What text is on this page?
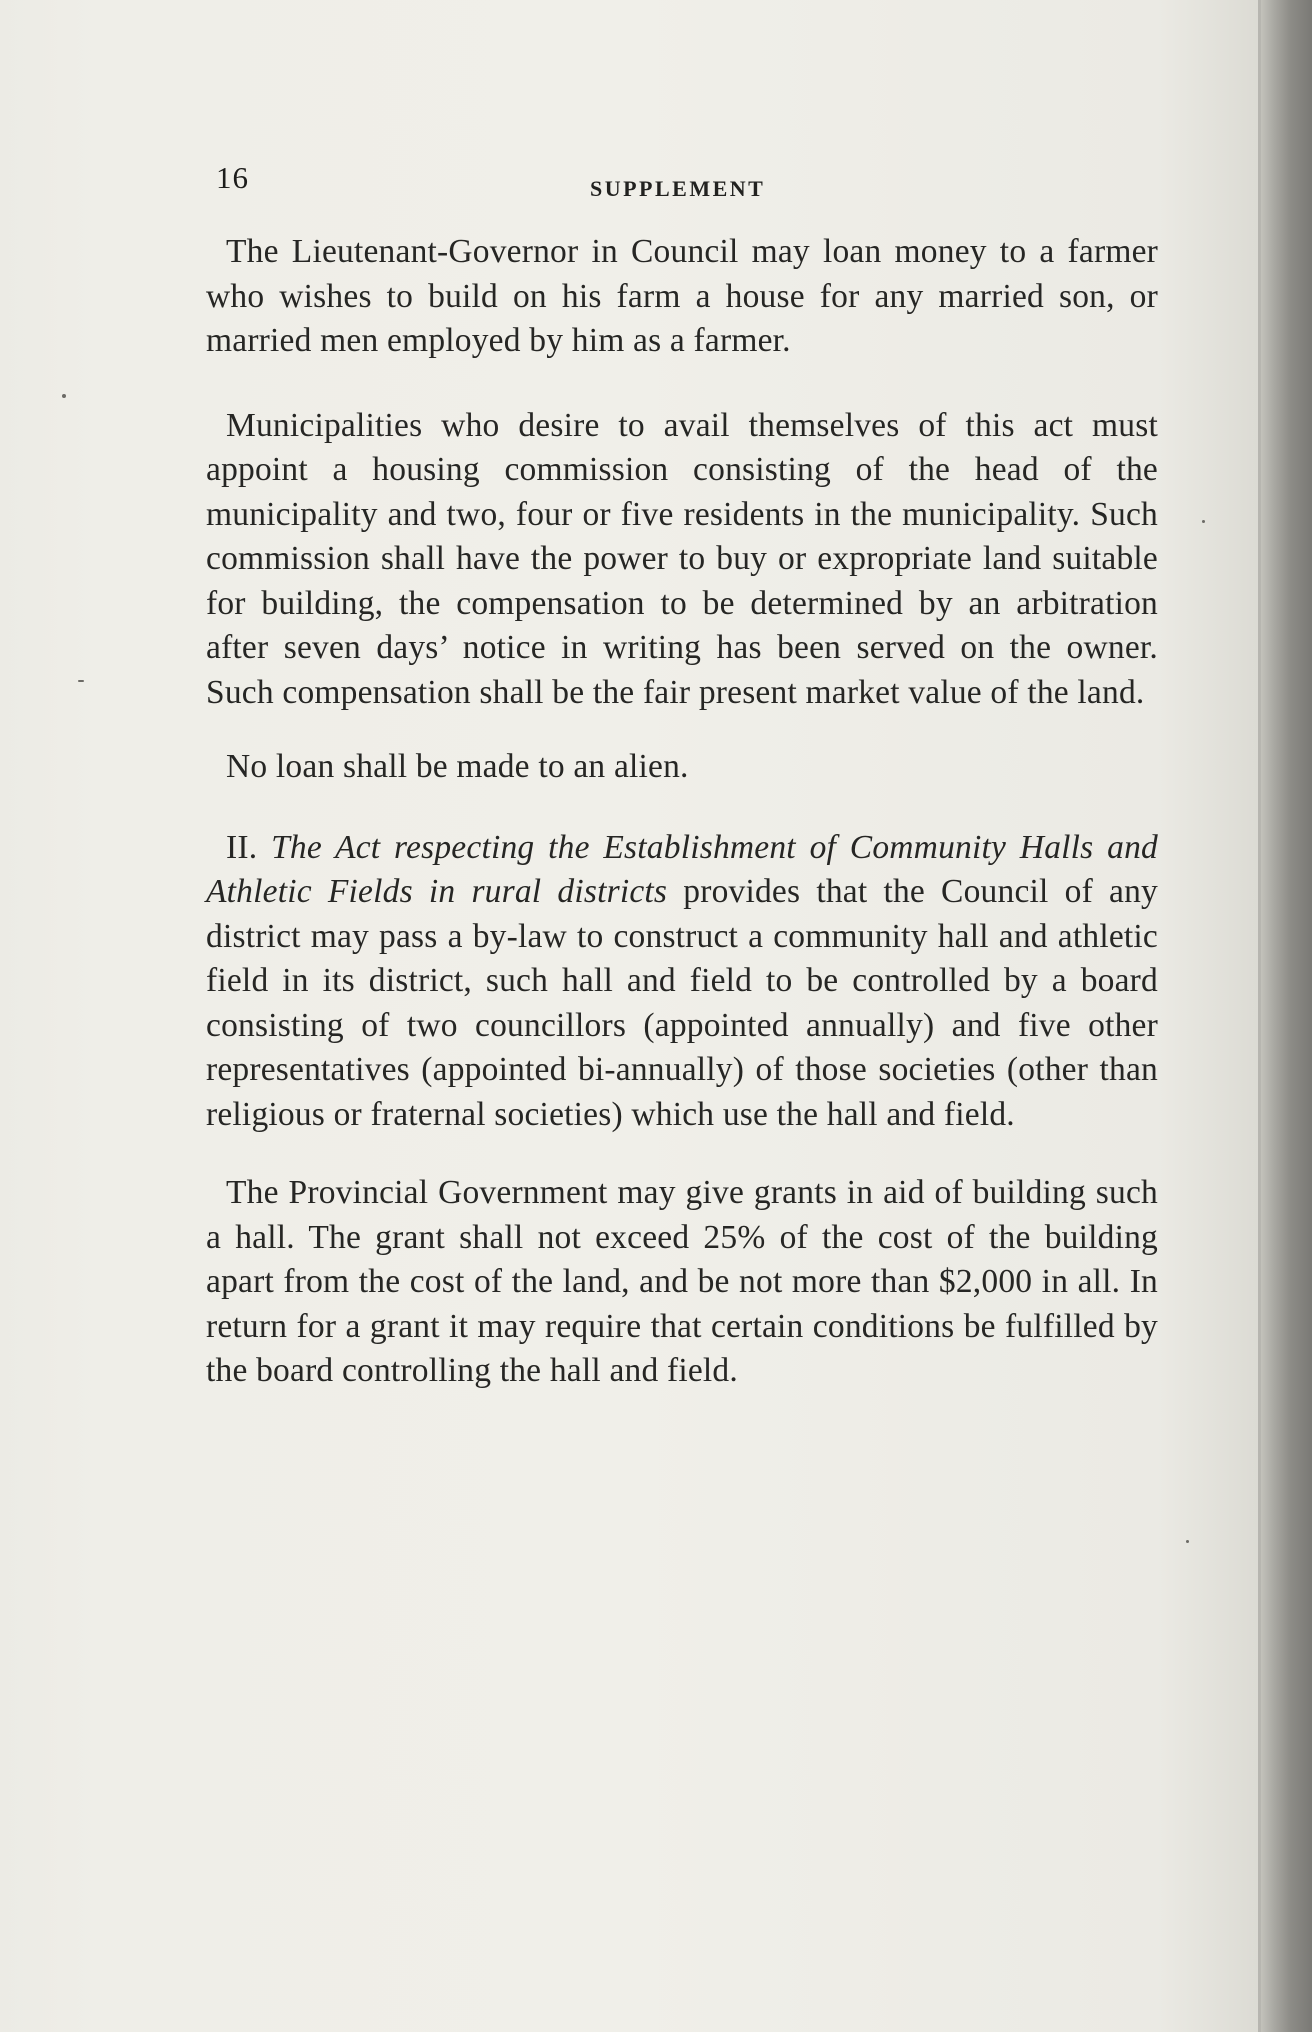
16	SUPPLEMENT

The Lieutenant-Governor in Council may loan money to a farmer who wishes to build on his farm a house for any married son, or married men employed by him as a farmer.

Municipalities who desire to avail themselves of this act must appoint a housing commission consisting of the head of the municipality and two, four or five residents in the municipality. Such commission shall have the power to buy or expropriate land suitable for building, the compensation to be determined by an arbitration after seven days’ notice in writing has been served on the owner. Such compensation shall be the fair present market value of the land.

No loan shall be made to an alien.

II. The Act respecting the Establishment of Community Halls and Athletic Fields in rural districts provides that the Council of any district may pass a by-law to construct a community hall and athletic field in its district, such hall and field to be controlled by a board consisting of two councillors (appointed annually) and five other representatives (appointed bi-annually) of those societies (other than religious or fraternal societies) which use the hall and field.

The Provincial Government may give grants in aid of building such a hall. The grant shall not exceed 25% of the cost of the building apart from the cost of the land, and be not more than $2,000 in all. In return for a grant it may require that certain conditions be fulfilled by the board controlling the hall and field.
